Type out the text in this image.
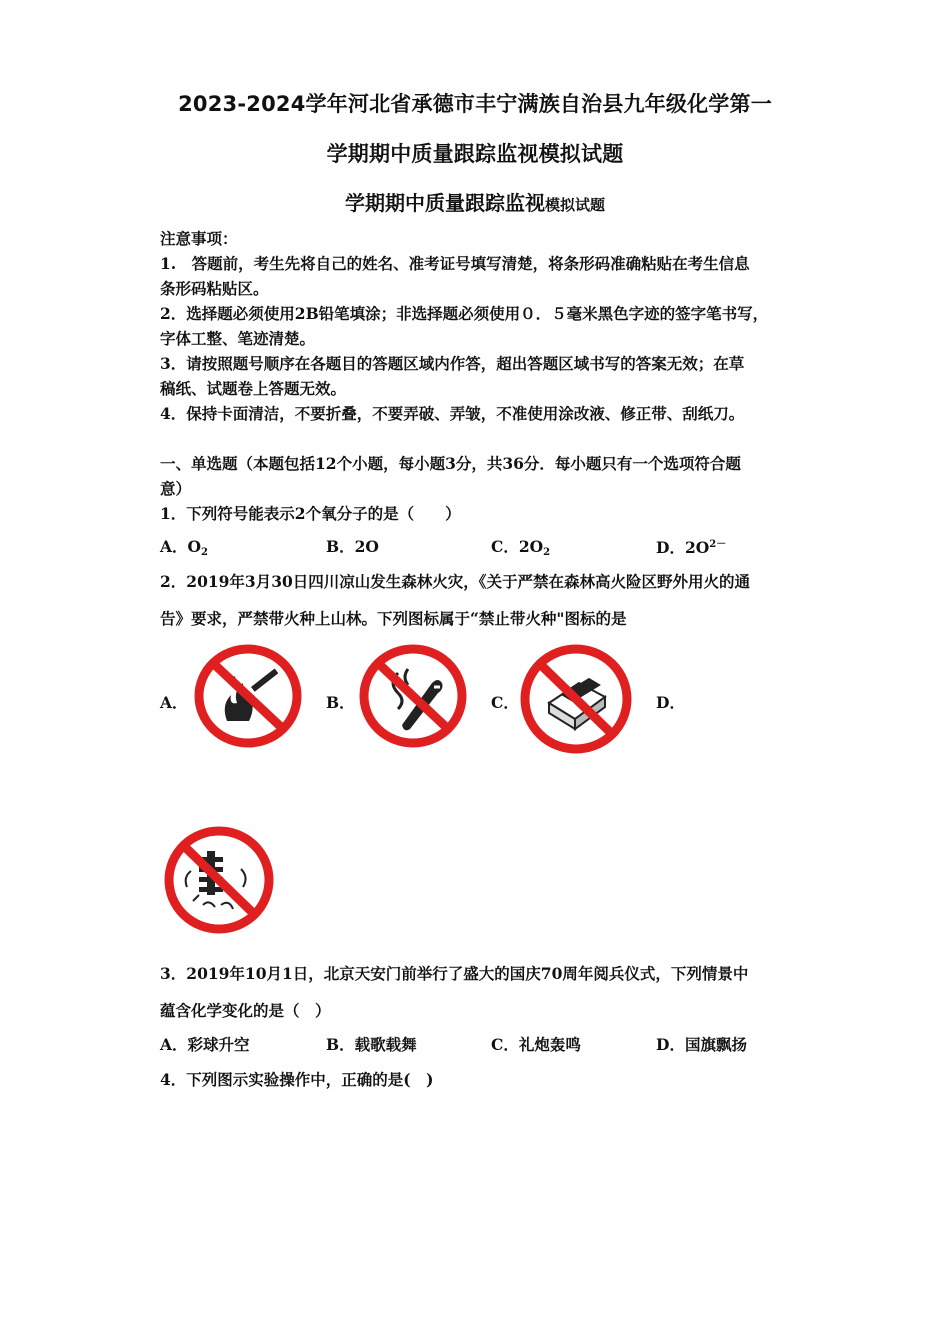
2023-2024学年河北省承德市丰宁满族自治县九年级化学第一
学期期中质量跟踪监视模拟试题
学期期中质量跟踪监视模拟试题
注意事项：
1.　答题前，考生先将自己的姓名、准考证号填写清楚，将条形码准确粘贴在考生信息
条形码粘贴区。
2．选择题必须使用2B铅笔填涂；非选择题必须使用０．５毫米黑色字迹的签字笔书写，
字体工整、笔迹清楚。
3．请按照题号顺序在各题目的答题区域内作答，超出答题区域书写的答案无效；在草
稿纸、试题卷上答题无效。
4．保持卡面清洁，不要折叠，不要弄破、弄皱，不准使用涂改液、修正带、刮纸刀。
一、单选题（本题包括12个小题，每小题3分，共36分．每小题只有一个选项符合题
意）
1．下列符号能表示2个氧分子的是（　　）
A．$O_2$	B．2O	C．$2O_2$	D．$2O^{2-}$
2．2019年3月30日四川凉山发生森林火灾，《关于严禁在森林高火险区野外用火的通
告》要求，严禁带火种上山林。下列图标属于“禁止带火种"图标的是
A．	B．	C．	D．
3．2019年10月1日，北京天安门前举行了盛大的国庆70周年阅兵仪式，下列情景中
蕴含化学变化的是（　）
A．彩球升空	B．载歌载舞	C．礼炮轰鸣	D．国旗飘扬
4．下列图示实验操作中，正确的是(　)
